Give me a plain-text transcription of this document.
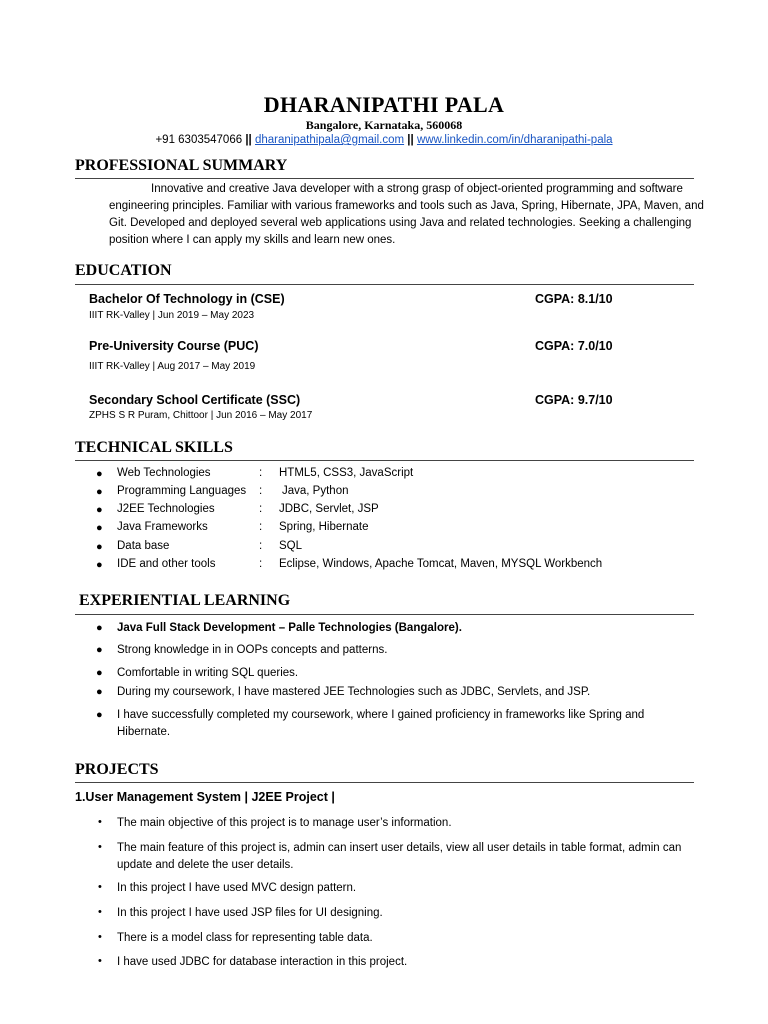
DHARANIPATHI PALA
Bangalore, Karnataka, 560068
+91 6303547066 || dharanipathipala@gmail.com || www.linkedin.com/in/dharanipathi-pala
PROFESSIONAL SUMMARY
Innovative and creative Java developer with a strong grasp of object-oriented programming and software engineering principles. Familiar with various frameworks and tools such as Java, Spring, Hibernate, JPA, Maven, and Git. Developed and deployed several web applications using Java and related technologies. Seeking a challenging position where I can apply my skills and learn new ones.
EDUCATION
Bachelor Of Technology in (CSE)	CGPA: 8.1/10
IIIT RK-Valley | Jun 2019 – May 2023
Pre-University Course (PUC)	CGPA: 7.0/10
IIIT RK-Valley | Aug 2017 – May 2019
Secondary School Certificate (SSC)	CGPA: 9.7/10
ZPHS S R Puram, Chittoor | Jun 2016 – May 2017
TECHNICAL SKILLS
● Web Technologies	: HTML5, CSS3, JavaScript
● Programming Languages : Java, Python
● J2EE Technologies	: JDBC, Servlet, JSP
● Java Frameworks	: Spring, Hibernate
● Data base	: SQL
● IDE and other tools	: Eclipse, Windows, Apache Tomcat, Maven, MYSQL Workbench
EXPERIENTIAL LEARNING
● Java Full Stack Development – Palle Technologies (Bangalore).
● Strong knowledge in in OOPs concepts and patterns.
● Comfortable in writing SQL queries.
● During my coursework, I have mastered JEE Technologies such as JDBC, Servlets, and JSP.
● I have successfully completed my coursework, where I gained proficiency in frameworks like Spring and Hibernate.
PROJECTS
1.User Management System | J2EE Project |
• The main objective of this project is to manage user’s information.
• The main feature of this project is, admin can insert user details, view all user details in table format, admin can update and delete the user details.
• In this project I have used MVC design pattern.
• In this project I have used JSP files for UI designing.
• There is a model class for representing table data.
• I have used JDBC for database interaction in this project.
